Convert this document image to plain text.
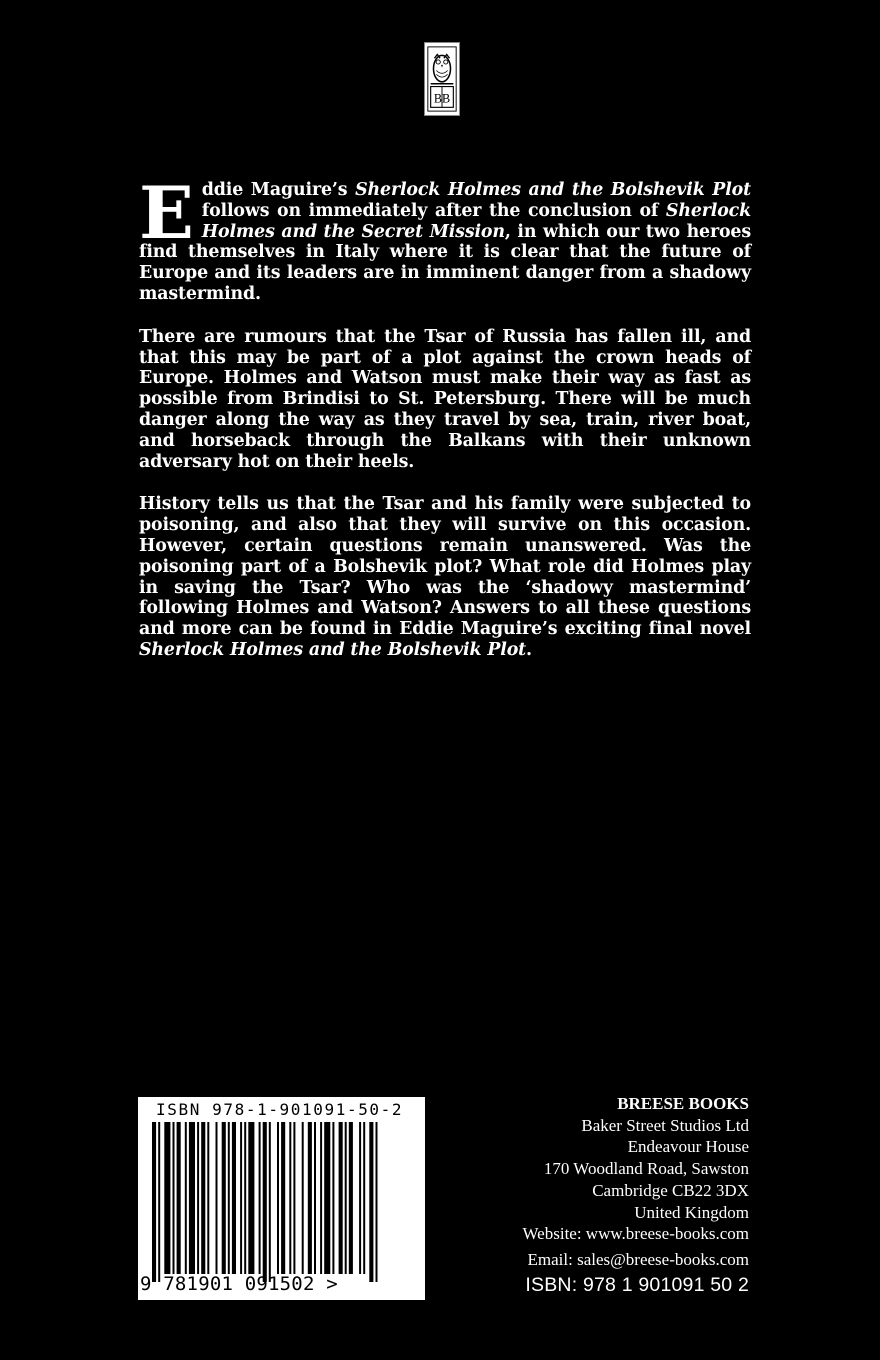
BB

Eddie Maguire’s Sherlock Holmes and the Bolshevik Plot follows on immediately after the conclusion of Sherlock Holmes and the Secret Mission, in which our two heroes find themselves in Italy where it is clear that the future of Europe and its leaders are in imminent danger from a shadowy mastermind.

There are rumours that the Tsar of Russia has fallen ill, and that this may be part of a plot against the crown heads of Europe. Holmes and Watson must make their way as fast as possible from Brindisi to St. Petersburg. There will be much danger along the way as they travel by sea, train, river boat, and horseback through the Balkans with their unknown adversary hot on their heels.

History tells us that the Tsar and his family were subjected to poisoning, and also that they will survive on this occasion. However, certain questions remain unanswered. Was the poisoning part of a Bolshevik plot? What role did Holmes play in saving the Tsar? Who was the ‘shadowy mastermind’ following Holmes and Watson? Answers to all these questions and more can be found in Eddie Maguire’s exciting final novel Sherlock Holmes and the Bolshevik Plot.

ISBN 978-1-901091-50-2
9 781901 091502 >
BREESE BOOKS
Baker Street Studios Ltd
Endeavour House
170 Woodland Road, Sawston
Cambridge CB22 3DX
United Kingdom
Website: www.breese-books.com
Email: sales@breese-books.com
ISBN: 978 1 901091 50 2
